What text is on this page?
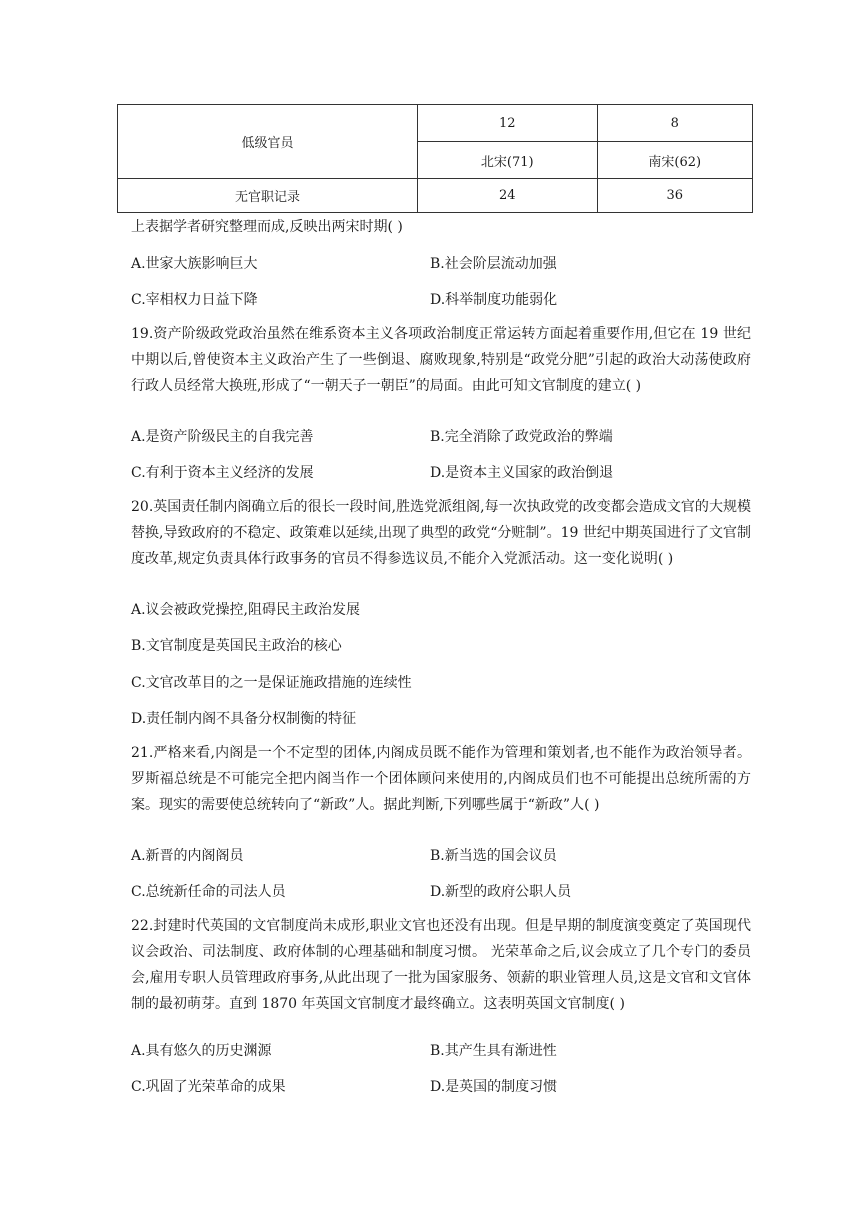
低级官员	12	8
	北宋(71)	南宋(62)
无官职记录	24	36
上表据学者研究整理而成,反映出两宋时期( )
A.世家大族影响巨大	B.社会阶层流动加强
C.宰相权力日益下降	D.科举制度功能弱化
19.资产阶级政党政治虽然在维系资本主义各项政治制度正常运转方面起着重要作用,但它在 19 世纪中期以后,曾使资本主义政治产生了一些倒退、腐败现象,特别是“政党分肥”引起的政治大动荡使政府行政人员经常大换班,形成了“一朝天子一朝臣”的局面。由此可知文官制度的建立( )
A.是资产阶级民主的自我完善	B.完全消除了政党政治的弊端
C.有利于资本主义经济的发展	D.是资本主义国家的政治倒退
20.英国责任制内阁确立后的很长一段时间,胜选党派组阁,每一次执政党的改变都会造成文官的大规模替换,导致政府的不稳定、政策难以延续,出现了典型的政党“分赃制”。19 世纪中期英国进行了文官制度改革,规定负责具体行政事务的官员不得参选议员,不能介入党派活动。这一变化说明( )
A.议会被政党操控,阻碍民主政治发展
B.文官制度是英国民主政治的核心
C.文官改革目的之一是保证施政措施的连续性
D.责任制内阁不具备分权制衡的特征
21.严格来看,内阁是一个不定型的团体,内阁成员既不能作为管理和策划者,也不能作为政治领导者。罗斯福总统是不可能完全把内阁当作一个团体顾问来使用的,内阁成员们也不可能提出总统所需的方案。现实的需要使总统转向了“新政”人。据此判断,下列哪些属于“新政”人( )
A.新晋的内阁阁员	B.新当选的国会议员
C.总统新任命的司法人员	D.新型的政府公职人员
22.封建时代英国的文官制度尚未成形,职业文官也还没有出现。但是早期的制度演变奠定了英国现代议会政治、司法制度、政府体制的心理基础和制度习惯。 光荣革命之后,议会成立了几个专门的委员会,雇用专职人员管理政府事务,从此出现了一批为国家服务、领薪的职业管理人员,这是文官和文官体制的最初萌芽。直到 1870 年英国文官制度才最终确立。这表明英国文官制度( )
A.具有悠久的历史渊源	B.其产生具有渐进性
C.巩固了光荣革命的成果	D.是英国的制度习惯
